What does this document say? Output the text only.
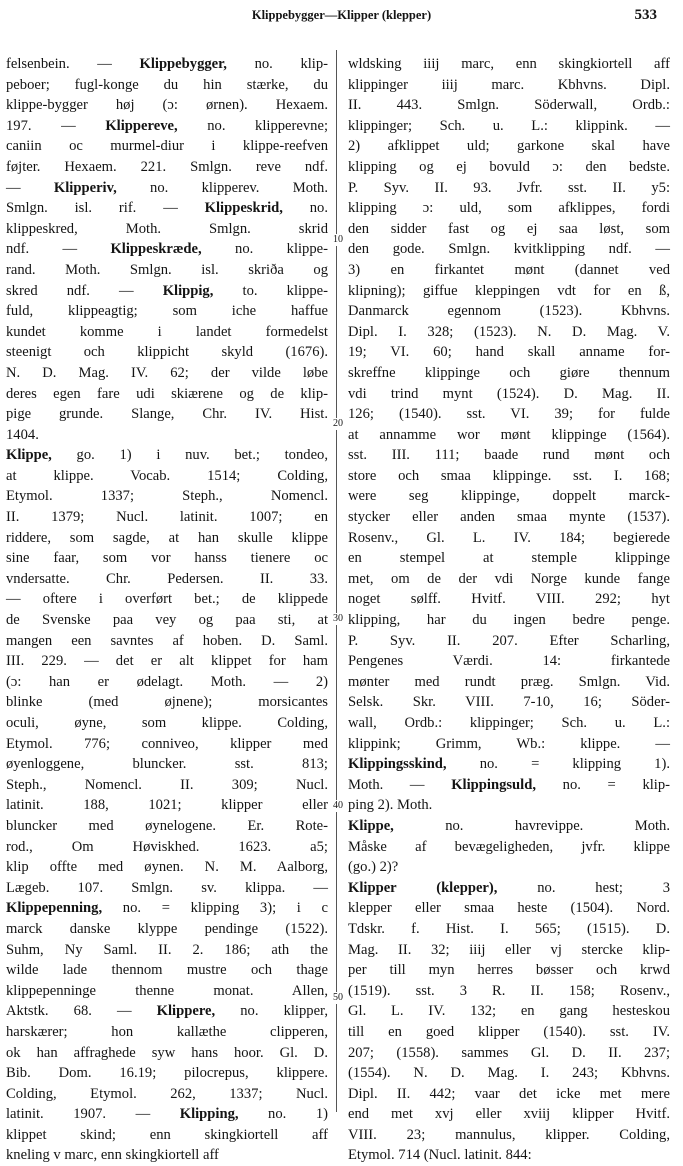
Klippebygger—Klipper (klepper)	533
felsenbein. — Klippebygger, no. klip-
peboer; fugl-konge du hin stærke, du
klippe-bygger høj (ɔ: ørnen). Hexaem.
197. — Klippereve, no. klipperevne;
caniin oc murmel-diur i klippe-reefven
føjter. Hexaem. 221. Smlgn. reve ndf.
— Klipperiv, no. klipperev. Moth.
Smlgn. isl. rif. — Klippeskrid, no.
klippeskred, Moth. Smlgn. skrid
ndf. — Klippeskræde, no. klippe-
rand. Moth. Smlgn. isl. skriða og
skred ndf. — Klippig, to. klippe-
fuld, klippeagtig; som iche haffue
kundet komme i landet formedelst
steenigt och klippicht skyld (1676).
N. D. Mag. IV. 62; der vilde løbe
deres egen fare udi skiærene og de klip-
pige grunde. Slange, Chr. IV. Hist.
1404.
Klippe, go. 1) i nuv. bet.; tondeo,
at klippe. Vocab. 1514; Colding,
Etymol. 1337; Steph., Nomencl.
II. 1379; Nucl. latinit. 1007; en
riddere, som sagde, at han skulle klippe
sine faar, som vor hanss tienere oc
vndersatte. Chr. Pedersen. II. 33.
— oftere i overført bet.; de klippede
de Svenske paa vey og paa sti, at
mangen een savntes af hoben. D. Saml.
III. 229. — det er alt klippet for ham
(ɔ: han er ødelagt. Moth. — 2)
blinke (med øjnene); morsicantes
oculi, øyne, som klippe. Colding,
Etymol. 776; conniveo, klipper med
øyenloggene, bluncker. sst. 813;
Steph., Nomencl. II. 309; Nucl.
latinit. 188, 1021; klipper eller
bluncker med øynelogene. Er. Rote-
rod., Om Høviskhed. 1623. a5;
klip offte med øynen. N. M. Aalborg,
Lægeb. 107. Smlgn. sv. klippa. —
Klippepenning, no. = klipping 3); i c
marck danske klyppe pendinge (1522).
Suhm, Ny Saml. II. 2. 186; ath the
wilde lade thennom mustre och thage
klippepenninge thenne monat. Allen,
Aktstk. 68. — Klippere, no. klipper,
harskærer; hon kallæthe clipperen,
ok han affraghede syw hans hoor. Gl. D.
Bib. Dom. 16.19; pilocrepus, klippere.
Colding, Etymol. 262, 1337; Nucl.
latinit. 1907. — Klipping, no. 1)
klippet skind; enn skingkiortell aff
kneling v marc, enn skingkiortell aff
10
20
30
40
50
wldsking iiij marc, enn skingkiortell aff
klippinger iiij marc. Kbhvns. Dipl.
II. 443. Smlgn. Söderwall, Ordb.:
klippinger; Sch. u. L.: klippink. —
2) afklippet uld; garkone skal have
klipping og ej bovuld ɔ: den bedste.
P. Syv. II. 93. Jvfr. sst. II. y5:
klipping ɔ: uld, som afklippes, fordi
den sidder fast og ej saa løst, som
den gode. Smlgn. kvitklipping ndf. —
3) en firkantet mønt (dannet ved
klipning); giffue kleppingen vdt for en ß,
Danmarck egennom (1523). Kbhvns.
Dipl. I. 328; (1523). N. D. Mag. V.
19; VI. 60; hand skall anname for-
skreffne klippinge och giøre thennum
vdi trind mynt (1524). D. Mag. II.
126; (1540). sst. VI. 39; for fulde
at annamme wor mønt klippinge (1564).
sst. III. 111; baade rund mønt och
store och smaa klippinge. sst. I. 168;
were seg klippinge, doppelt marck-
stycker eller anden smaa mynte (1537).
Rosenv., Gl. L. IV. 184; begierede
en stempel at stemple klippinge
met, om de der vdi Norge kunde fange
noget sølff. Hvitf. VIII. 292; hyt
klipping, har du ingen bedre penge.
P. Syv. II. 207. Efter Scharling,
Pengenes Værdi. 14: firkantede
mønter med rundt præg. Smlgn. Vid.
Selsk. Skr. VIII. 7-10, 16; Söder-
wall, Ordb.: klippinger; Sch. u. L.:
klippink; Grimm, Wb.: klippe. —
Klippingsskind, no. = klipping 1).
Moth. — Klippingsuld, no. = klip-
ping 2). Moth.
Klippe, no. havrevippe. Moth.
Måske af bevægeligheden, jvfr. klippe
(go.) 2)?
Klipper (klepper), no. hest; 3
klepper eller smaa heste (1504). Nord.
Tdskr. f. Hist. I. 565; (1515). D.
Mag. II. 32; iiij eller vj stercke klip-
per till myn herres bøsser och krwd
(1519). sst. 3 R. II. 158; Rosenv.,
Gl. L. IV. 132; en gang hesteskou
till en goed klipper (1540). sst. IV.
207; (1558). sammes Gl. D. II. 237;
(1554). N. D. Mag. I. 243; Kbhvns.
Dipl. II. 442; vaar det icke met mere
end met xvj eller xviij klipper Hvitf.
VIII. 23; mannulus, klipper. Colding,
Etymol. 714 (Nucl. latinit. 844:
